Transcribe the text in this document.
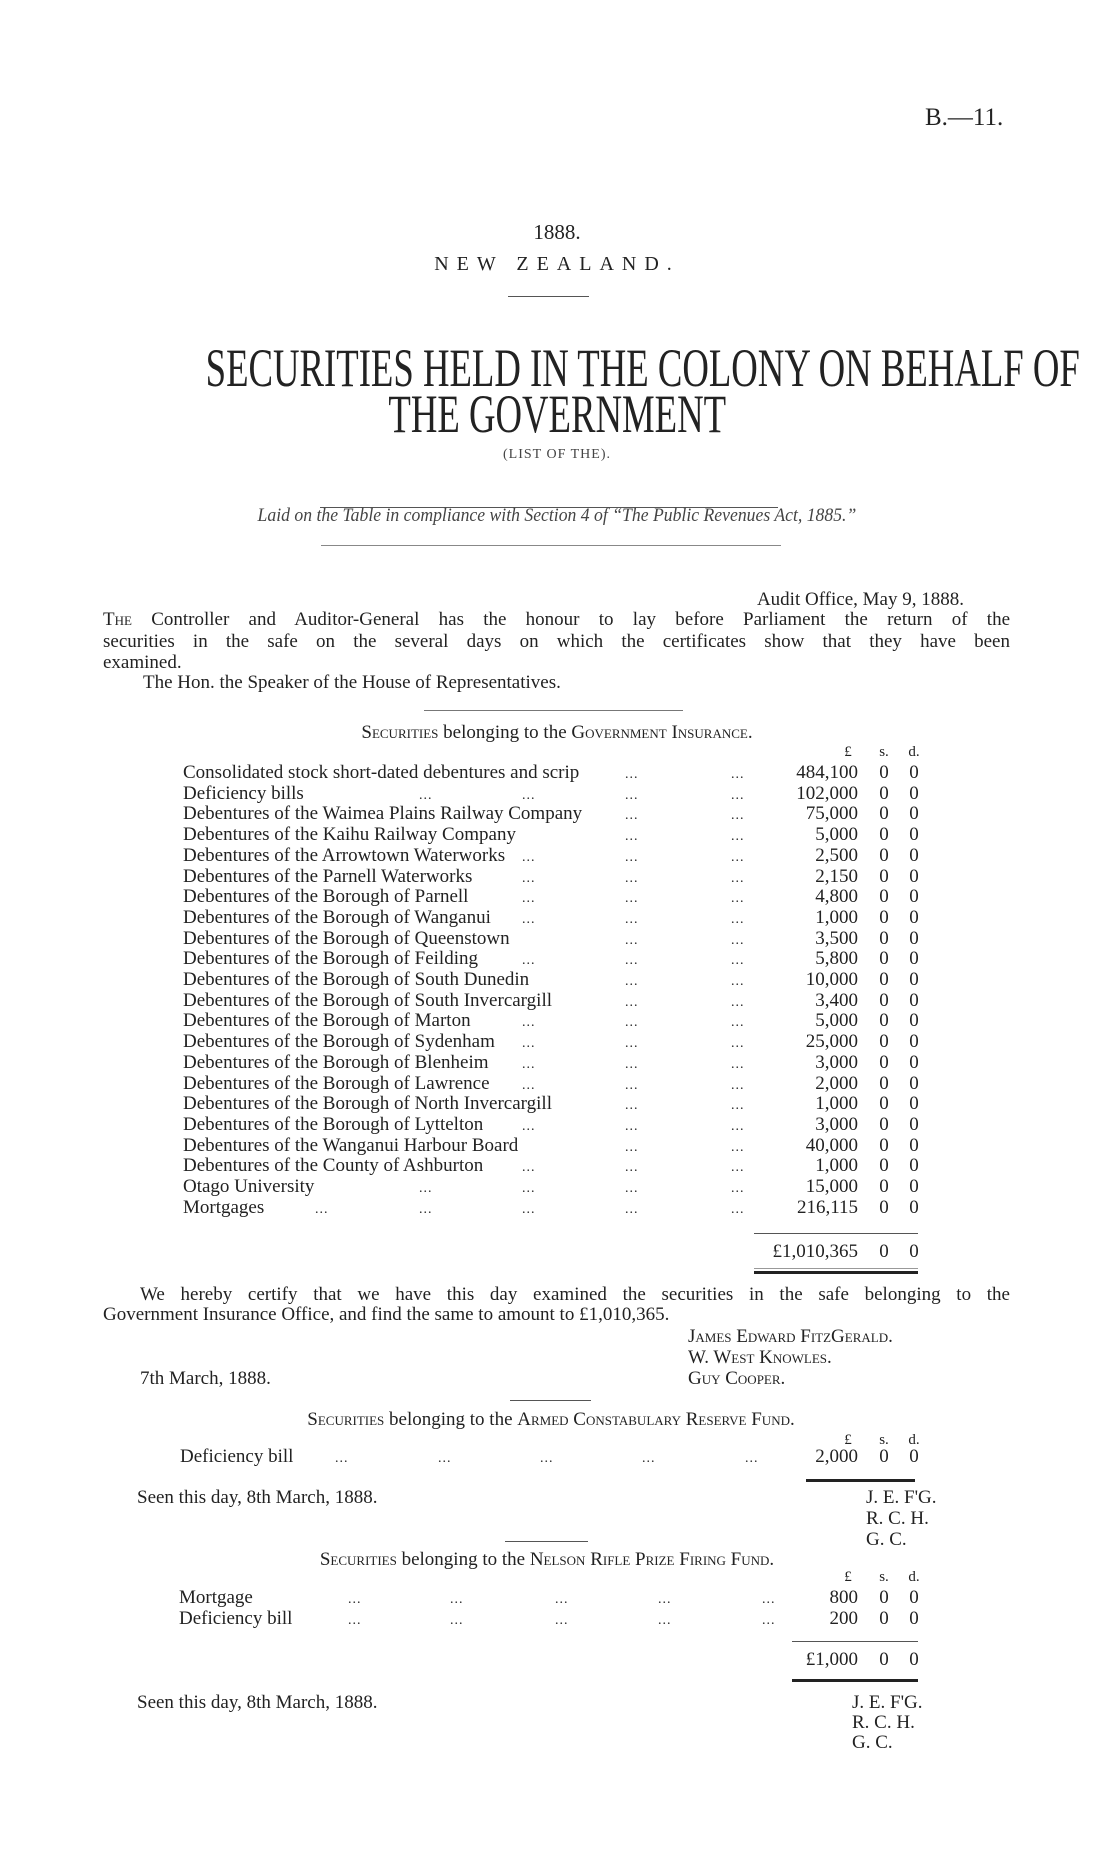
B.—11.
1888.
NEW ZEALAND.
SECURITIES HELD IN THE COLONY ON BEHALF OF
THE GOVERNMENT
(LIST OF THE).
Laid on the Table in compliance with Section 4 of “The Public Revenues Act, 1885.”
Audit Office, May 9, 1888.
The Controller and Auditor-General has the honour to lay before Parliament the return of the
securities in the safe on the several days on which the certificates show that they have been
examined.
The Hon. the Speaker of the House of Representatives.
Securities belonging to the Government Insurance.
£	s.	d.
Consolidated stock short-dated debentures and scrip	484,100 0 0
...	...
Deficiency bills	102,000 0 0
...	...	...	...
Debentures of the Waimea Plains Railway Company	75,000 0 0
...	...
Debentures of the Kaihu Railway Company	5,000 0 0
...	...
Debentures of the Arrowtown Waterworks	2,500 0 0
...	...	...
Debentures of the Parnell Waterworks	2,150 0 0
...	...	...
Debentures of the Borough of Parnell	4,800 0 0
...	...	...
Debentures of the Borough of Wanganui	1,000 0 0
...	...	...
Debentures of the Borough of Queenstown	3,500 0 0
...	...
Debentures of the Borough of Feilding	5,800 0 0
...	...	...
Debentures of the Borough of South Dunedin	10,000 0 0
...	...
Debentures of the Borough of South Invercargill	3,400 0 0
...	...
Debentures of the Borough of Marton	5,000 0 0
...	...	...
Debentures of the Borough of Sydenham	25,000 0 0
...	...	...
Debentures of the Borough of Blenheim	3,000 0 0
...	...	...
Debentures of the Borough of Lawrence	2,000 0 0
...	...	...
Debentures of the Borough of North Invercargill	1,000 0 0
...	...
Debentures of the Borough of Lyttelton	3,000 0 0
...	...	...
Debentures of the Wanganui Harbour Board	40,000 0 0
...	...
Debentures of the County of Ashburton	1,000 0 0
...	...	...
Otago University	15,000 0 0
...	...	...	...
Mortgages	216,115 0 0
...	...	...	...	...
£1,010,365 0 0
We hereby certify that we have this day examined the securities in the safe belonging to the
Government Insurance Office, and find the same to amount to £1,010,365.
James Edward FitzGerald.
W. West Knowles.
Guy Cooper.
7th March, 1888.
Securities belonging to the Armed Constabulary Reserve Fund.
£	s.	d.
Deficiency bill	2,000 0 0
...	...	...	...	...
Seen this day, 8th March, 1888.	J. E. F'G.
R. C. H.
G. C.
Securities belonging to the Nelson Rifle Prize Firing Fund.
£	s.	d.
Mortgage	800 0 0
...	...	...	...	...
Deficiency bill	200 0 0
...	...	...	...	...
£1,000 0 0
Seen this day, 8th March, 1888.	J. E. F'G.
R. C. H.
G. C.
